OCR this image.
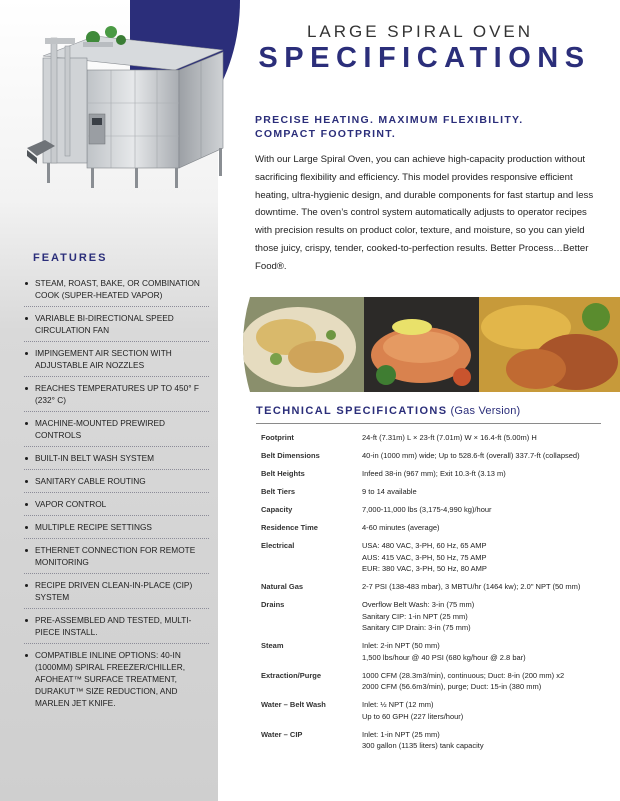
FEATURES
STEAM, ROAST, BAKE, OR COMBINATION COOK (SUPER-HEATED VAPOR)
VARIABLE BI-DIRECTIONAL SPEED CIRCULATION FAN
IMPINGEMENT AIR SECTION WITH ADJUSTABLE AIR NOZZLES
REACHES TEMPERATURES UP TO 450° F (232° C)
MACHINE-MOUNTED PREWIRED CONTROLS
BUILT-IN BELT WASH SYSTEM
SANITARY CABLE ROUTING
VAPOR CONTROL
MULTIPLE RECIPE SETTINGS
ETHERNET CONNECTION FOR REMOTE MONITORING
RECIPE DRIVEN CLEAN-IN-PLACE (CIP) SYSTEM
PRE-ASSEMBLED AND TESTED, MULTI-PIECE INSTALL.
COMPATIBLE INLINE OPTIONS: 40-IN (1000MM) SPIRAL FREEZER/CHILLER, AFOHEAT™ SURFACE TREATMENT, DURAKUT™ SIZE REDUCTION, AND MARLEN JET KNIFE.
LARGE SPIRAL OVEN
SPECIFICATIONS
PRECISE HEATING. MAXIMUM FLEXIBILITY. COMPACT FOOTPRINT.

With our Large Spiral Oven, you can achieve high-capacity production without sacrificing flexibility and efficiency. This model provides responsive efficient heating, ultra-hygienic design, and durable components for fast startup and less downtime. The oven’s control system automatically adjusts to operator recipes with precision results on product color, texture, and moisture, so you can yield those juicy, crispy, tender, cooked-to-perfection results. Better Process…Better Food®.

TECHNICAL SPECIFICATIONS (Gas Version)
Footprint	24-ft (7.31m) L × 23-ft (7.01m) W × 16.4-ft (5.00m) H
Belt Dimensions	40-in (1000 mm) wide; Up to 528.6-ft (overall) 337.7-ft (collapsed)
Belt Heights	Infeed 38-in (967 mm); Exit 10.3-ft (3.13 m)
Belt Tiers	9 to 14 available
Capacity	7,000-11,000 lbs (3,175-4,990 kg)/hour
Residence Time	4-60 minutes (average)
Electrical	USA: 480 VAC, 3-PH, 60 Hz, 65 AMP
AUS: 415 VAC, 3-PH, 50 Hz, 75 AMP
EUR: 380 VAC, 3-PH, 50 Hz, 80 AMP
Natural Gas	2-7 PSI (138-483 mbar), 3 MBTU/hr (1464 kw); 2.0" NPT (50 mm)
Drains	Overflow Belt Wash: 3-in (75 mm)
Sanitary CIP: 1-in NPT (25 mm)
Sanitary CIP Drain: 3-in (75 mm)
Steam	Inlet: 2-in NPT (50 mm)
1,500 lbs/hour @ 40 PSI (680 kg/hour @ 2.8 bar)
Extraction/Purge	1000 CFM (28.3m3/min), continuous; Duct: 8-in (200 mm) x2
2000 CFM (56.6m3/min), purge; Duct: 15-in (380 mm)
Water – Belt Wash	Inlet: ½ NPT (12 mm)
Up to 60 GPH (227 liters/hour)
Water – CIP	Inlet: 1-in NPT (25 mm)
300 gallon (1135 liters) tank capacity
